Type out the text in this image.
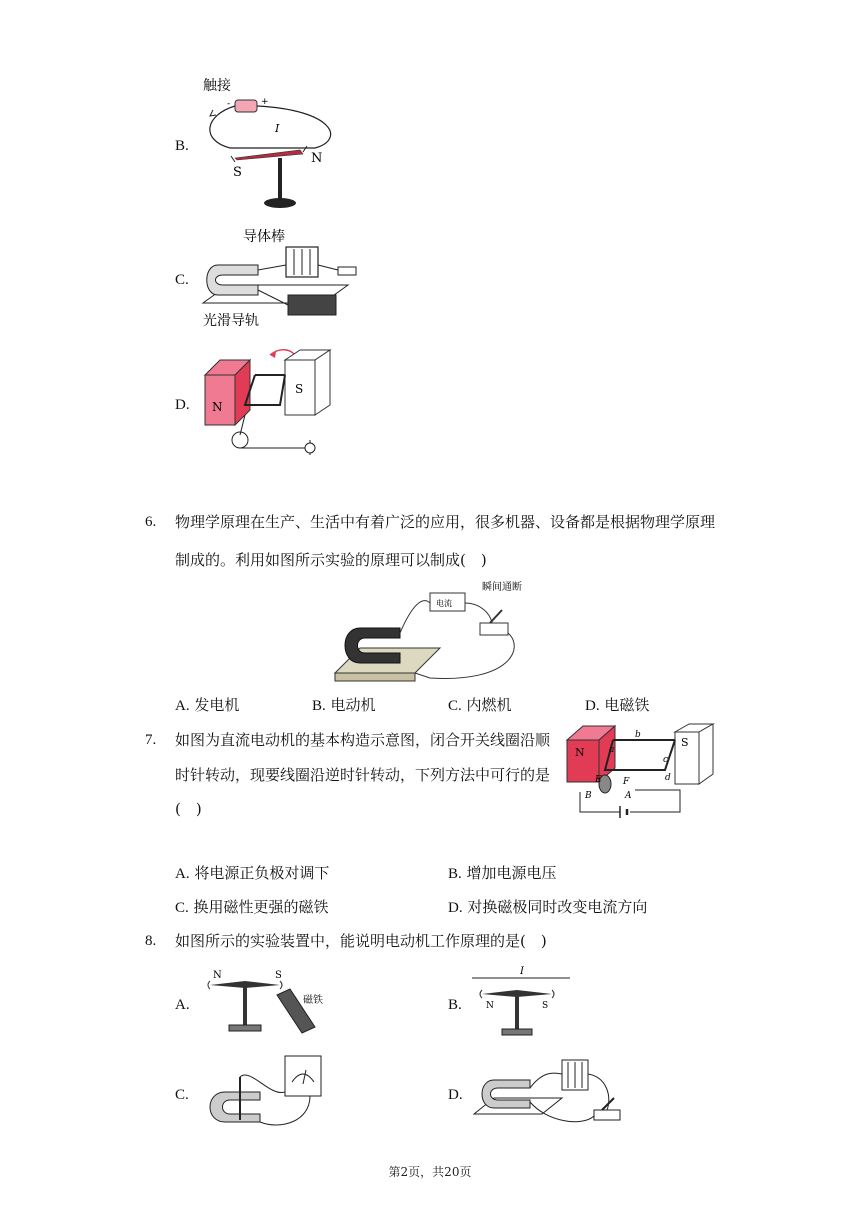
B.
触接
-	+
I
S
N
C.
导体棒
光滑导轨
D. N
S
6. 物理学原理在生产、生活中有着广泛的应用，很多机器、设备都是根据物理学原理
制成的。利用如图所示实验的原理可以制成(　)
电流
瞬间通断
A. 发电机	B. 电动机	C. 内燃机	D. 电磁铁
7. 如图为直流电动机的基本构造示意图，闭合开关线圈沿顺
时针转动，现要线圈沿逆时针转动，下列方法中可行的是
(　)
N
S
a
b
c
d
E F
B	A
A. 将电源正负极对调下	B. 增加电源电压
C. 换用磁性更强的磁铁	D. 对换磁极同时改变电流方向
8. 如图所示的实验装置中，能说明电动机工作原理的是(　)
A.
N	S
磁铁	B.
I
N	S
C.	D.
第2页，共20页
